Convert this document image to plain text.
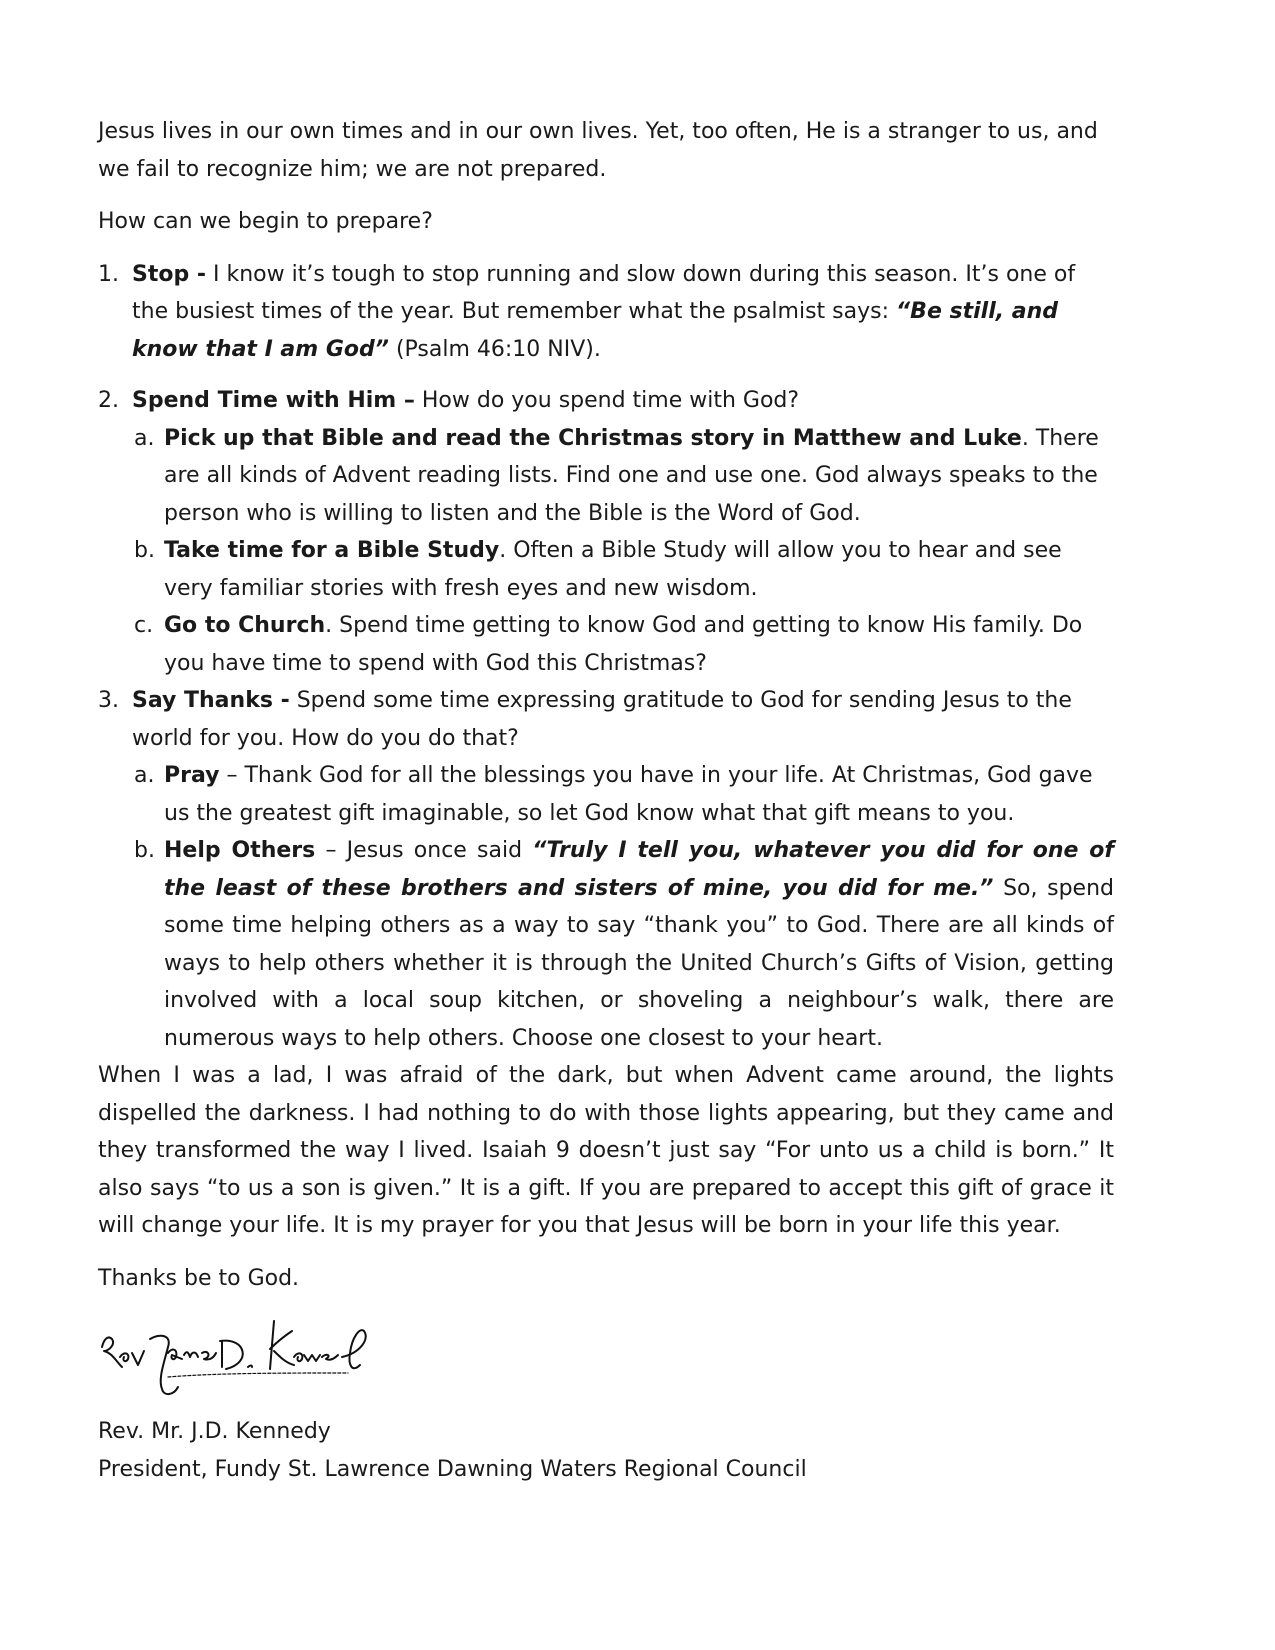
Jesus lives in our own times and in our own lives. Yet, too often, He is a stranger to us, and we fail to recognize him; we are not prepared.

How can we begin to prepare?

1. Stop - I know it’s tough to stop running and slow down during this season. It’s one of the busiest times of the year. But remember what the psalmist says: “Be still, and know that I am God” (Psalm 46:10 NIV).
2. Spend Time with Him – How do you spend time with God?
a. Pick up that Bible and read the Christmas story in Matthew and Luke. There are all kinds of Advent reading lists. Find one and use one. God always speaks to the person who is willing to listen and the Bible is the Word of God.
b. Take time for a Bible Study. Often a Bible Study will allow you to hear and see very familiar stories with fresh eyes and new wisdom.
c. Go to Church. Spend time getting to know God and getting to know His family. Do you have time to spend with God this Christmas?
3. Say Thanks - Spend some time expressing gratitude to God for sending Jesus to the world for you. How do you do that?
a. Pray – Thank God for all the blessings you have in your life. At Christmas, God gave us the greatest gift imaginable, so let God know what that gift means to you.
b. Help Others – Jesus once said “Truly I tell you, whatever you did for one of the least of these brothers and sisters of mine, you did for me.” So, spend some time helping others as a way to say “thank you” to God. There are all kinds of ways to help others whether it is through the United Church’s Gifts of Vision, getting involved with a local soup kitchen, or shoveling a neighbour’s walk, there are numerous ways to help others. Choose one closest to your heart.

When I was a lad, I was afraid of the dark, but when Advent came around, the lights dispelled the darkness. I had nothing to do with those lights appearing, but they came and they transformed the way I lived. Isaiah 9 doesn’t just say “For unto us a child is born.” It also says “to us a son is given.” It is a gift. If you are prepared to accept this gift of grace it will change your life. It is my prayer for you that Jesus will be born in your life this year.

Thanks be to God.

Rev. Mr. J.D. Kennedy

President, Fundy St. Lawrence Dawning Waters Regional Council
